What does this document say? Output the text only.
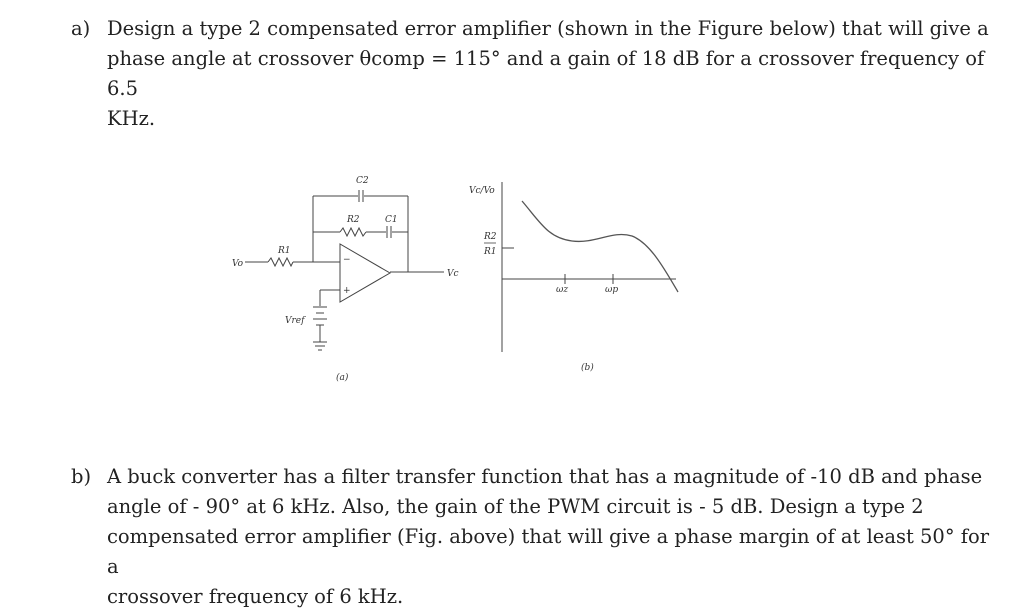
a) Design a type 2 compensated error amplifier (shown in the Figure below) that will give a
phase angle at crossover θcomp = 115° and a gain of 18 dB for a crossover frequency of 6.5
KHz.
Vo
R1
C2
R2	C1
−
+
Vc
Vref
(a)
Vc/Vo
R2
R1
ωz	ωp
(b)
b) A buck converter has a filter transfer function that has a magnitude of -10 dB and phase
angle of - 90° at 6 kHz. Also, the gain of the PWM circuit is - 5 dB. Design a type 2
compensated error amplifier (Fig. above) that will give a phase margin of at least 50° for a
crossover frequency of 6 kHz.
